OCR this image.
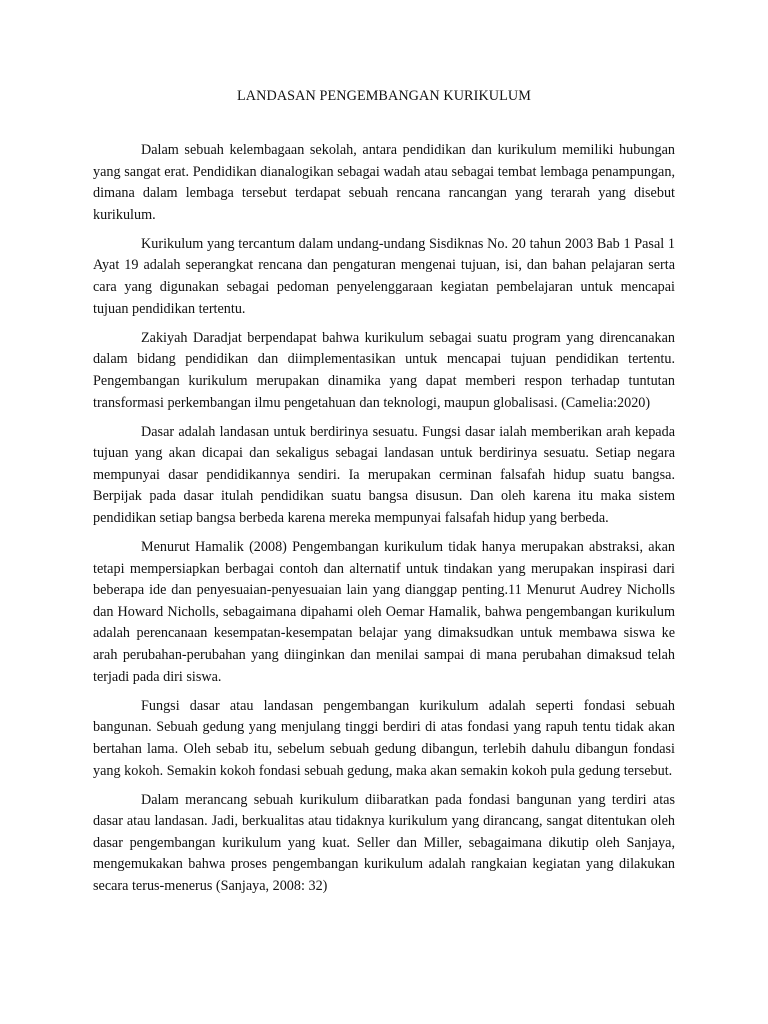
LANDASAN PENGEMBANGAN KURIKULUM

Dalam sebuah kelembagaan sekolah, antara pendidikan dan kurikulum memiliki hubungan yang sangat erat. Pendidikan dianalogikan sebagai wadah atau sebagai tembat lembaga penampungan, dimana dalam lembaga tersebut terdapat sebuah rencana rancangan yang terarah yang disebut kurikulum.

Kurikulum yang tercantum dalam undang-undang Sisdiknas No. 20 tahun 2003 Bab 1 Pasal 1 Ayat 19 adalah seperangkat rencana dan pengaturan mengenai tujuan, isi, dan bahan pelajaran serta cara yang digunakan sebagai pedoman penyelenggaraan kegiatan pembelajaran untuk mencapai tujuan pendidikan tertentu.

Zakiyah Daradjat berpendapat bahwa kurikulum sebagai suatu program yang direncanakan dalam bidang pendidikan dan diimplementasikan untuk mencapai tujuan pendidikan tertentu. Pengembangan kurikulum merupakan dinamika yang dapat memberi respon terhadap tuntutan transformasi perkembangan ilmu pengetahuan dan teknologi, maupun globalisasi. (Camelia:2020)

Dasar adalah landasan untuk berdirinya sesuatu. Fungsi dasar ialah memberikan arah kepada tujuan yang akan dicapai dan sekaligus sebagai landasan untuk berdirinya sesuatu. Setiap negara mempunyai dasar pendidikannya sendiri. Ia merupakan cerminan falsafah hidup suatu bangsa. Berpijak pada dasar itulah pendidikan suatu bangsa disusun. Dan oleh karena itu maka sistem pendidikan setiap bangsa berbeda karena mereka mempunyai falsafah hidup yang berbeda.

Menurut Hamalik (2008) Pengembangan kurikulum tidak hanya merupakan abstraksi, akan tetapi mempersiapkan berbagai contoh dan alternatif untuk tindakan yang merupakan inspirasi dari beberapa ide dan penyesuaian-penyesuaian lain yang dianggap penting.11 Menurut Audrey Nicholls dan Howard Nicholls, sebagaimana dipahami oleh Oemar Hamalik, bahwa pengembangan kurikulum adalah perencanaan kesempatan-kesempatan belajar yang dimaksudkan untuk membawa siswa ke arah perubahan-perubahan yang diinginkan dan menilai sampai di mana perubahan dimaksud telah terjadi pada diri siswa.

Fungsi dasar atau landasan pengembangan kurikulum adalah seperti fondasi sebuah bangunan. Sebuah gedung yang menjulang tinggi berdiri di atas fondasi yang rapuh tentu tidak akan bertahan lama. Oleh sebab itu, sebelum sebuah gedung dibangun, terlebih dahulu dibangun fondasi yang kokoh. Semakin kokoh fondasi sebuah gedung, maka akan semakin kokoh pula gedung tersebut.

Dalam merancang sebuah kurikulum diibaratkan pada fondasi bangunan yang terdiri atas dasar atau landasan. Jadi, berkualitas atau tidaknya kurikulum yang dirancang, sangat ditentukan oleh dasar pengembangan kurikulum yang kuat. Seller dan Miller, sebagaimana dikutip oleh Sanjaya, mengemukakan bahwa proses pengembangan kurikulum adalah rangkaian kegiatan yang dilakukan secara terus-menerus (Sanjaya, 2008: 32)
